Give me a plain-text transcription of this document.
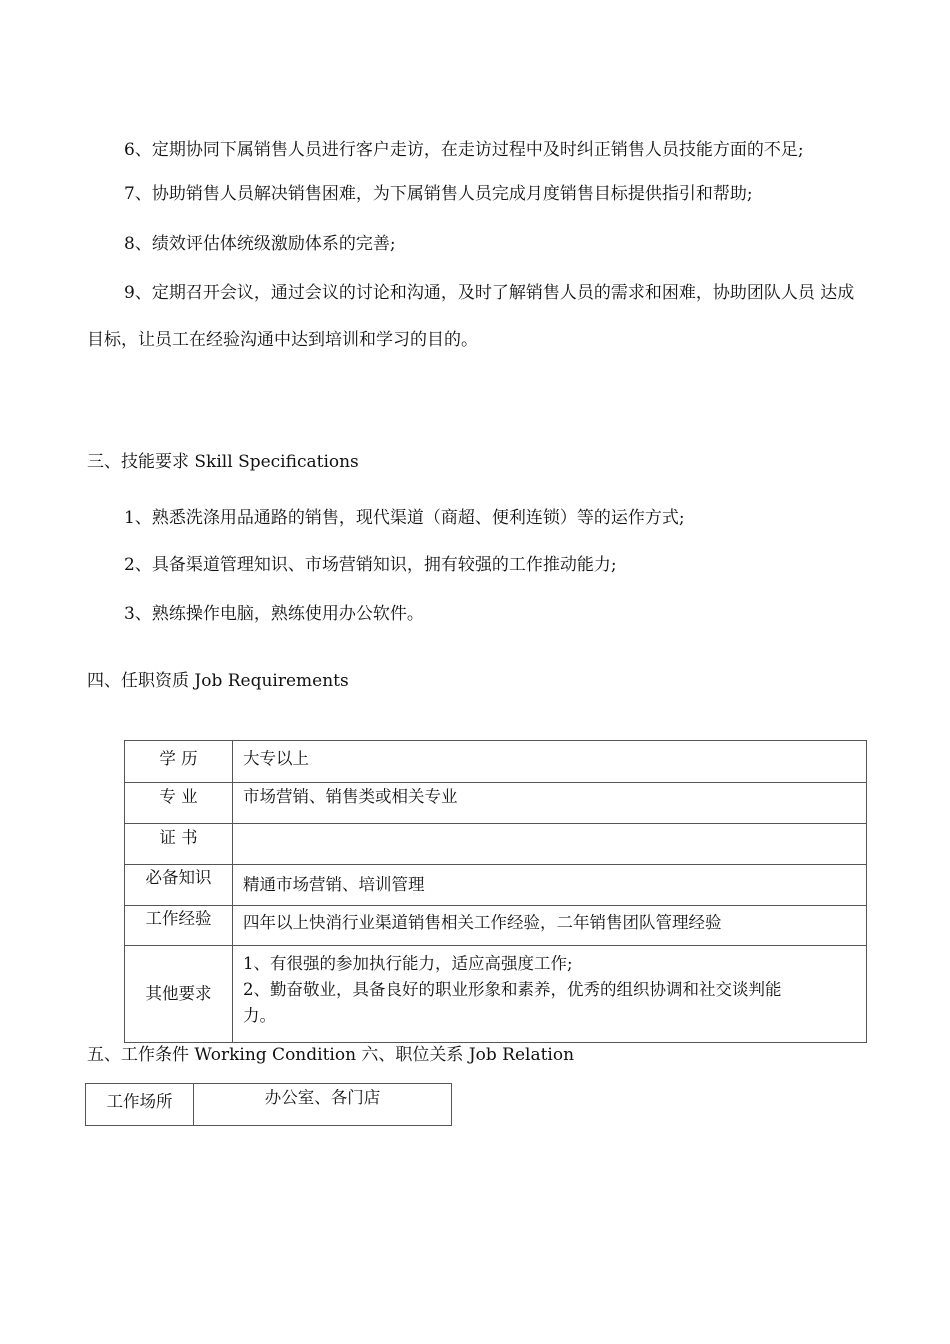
6、定期协同下属销售人员进行客户走访，在走访过程中及时纠正销售人员技能方面的不足;
7、协助销售人员解决销售困难，为下属销售人员完成月度销售目标提供指引和帮助;
8、绩效评估体统级激励体系的完善;
9、定期召开会议，通过会议的讨论和沟通，及时了解销售人员的需求和困难，协助团队人员 达成
目标，让员工在经验沟通中达到培训和学习的目的。
三、技能要求 Skill Specifications
1、熟悉洗涤用品通路的销售，现代渠道（商超、便利连锁）等的运作方式;
2、具备渠道管理知识、市场营销知识，拥有较强的工作推动能力;
3、熟练操作电脑，熟练使用办公软件。
四、任职资质 Job Requirements
学 历	大专以上
专 业	市场营销、销售类或相关专业
证 书	
必备知识	精通市场营销、培训管理
工作经验	四年以上快消行业渠道销售相关工作经验，二年销售团队管理经验
其他要求	1、有很强的参加执行能力，适应高强度工作;
2、勤奋敬业，具备良好的职业形象和素养，优秀的组织协调和社交谈判能
力。
五、工作条件 Working Condition 六、职位关系 Job Relation
工作场所	办公室、各门店
